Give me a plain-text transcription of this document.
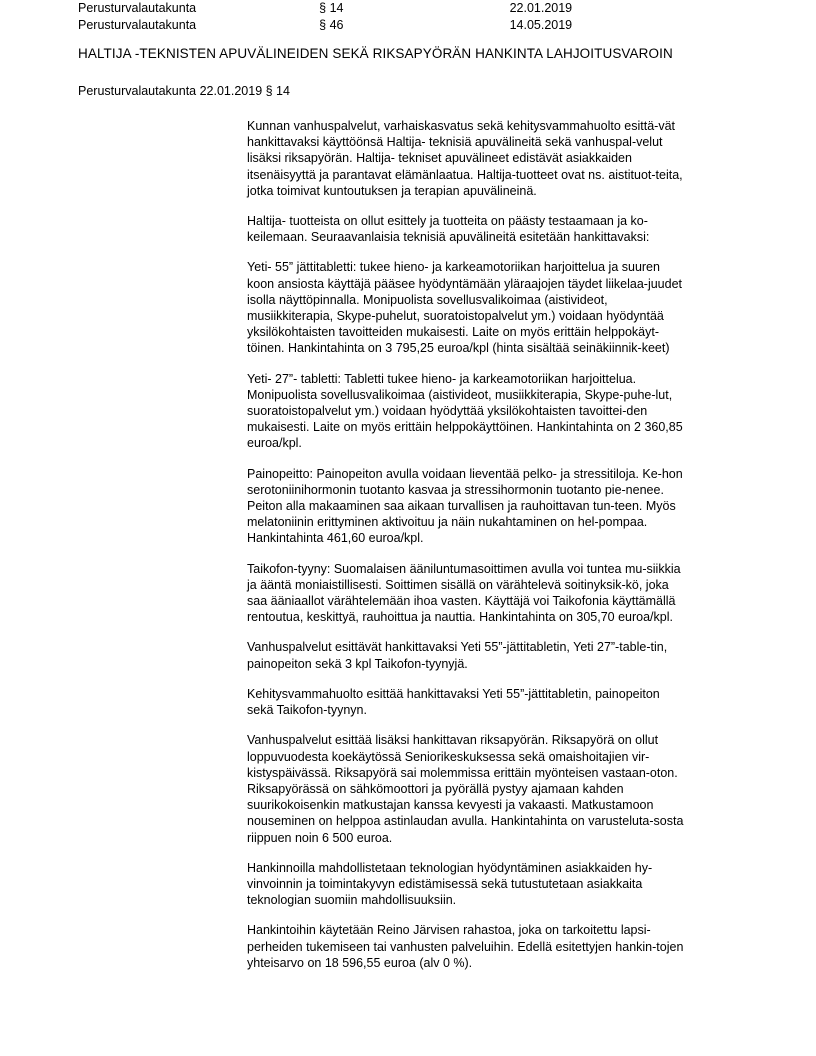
Perusturvalautakunta	§ 14	22.01.2019
Perusturvalautakunta	§ 46	14.05.2019
HALTIJA -TEKNISTEN APUVÄLINEIDEN SEKÄ RIKSAPYÖRÄN HANKINTA LAHJOITUSVAROIN
Perusturvalautakunta 22.01.2019 § 14

Kunnan vanhuspalvelut, varhaiskasvatus sekä kehitysvammahuolto esittä-vät hankittavaksi käyttöönsä Haltija- teknisiä apuvälineitä sekä vanhuspal-velut lisäksi riksapyörän. Haltija- tekniset apuvälineet edistävät asiakkaiden itsenäisyyttä ja parantavat elämänlaatua. Haltija-tuotteet ovat ns. aistituot-teita, jotka toimivat kuntoutuksen ja terapian apuvälineinä.

Haltija- tuotteista on ollut esittely ja tuotteita on päästy testaamaan ja ko-keilemaan. Seuraavanlaisia teknisiä apuvälineitä esitetään hankittavaksi:

Yeti- 55” jättitabletti: tukee hieno- ja karkeamotoriikan harjoittelua ja suuren koon ansiosta käyttäjä pääsee hyödyntämään yläraajojen täydet liikelaa-juudet isolla näyttöpinnalla. Monipuolista sovellusvalikoimaa (aistivideot, musiikkiterapia, Skype-puhelut, suoratoistopalvelut ym.) voidaan hyödyntää yksilökohtaisten tavoitteiden mukaisesti. Laite on myös erittäin helppokäyt-töinen. Hankintahinta on 3 795,25 euroa/kpl (hinta sisältää seinäkiinnik-keet)

Yeti- 27”- tabletti: Tabletti tukee hieno- ja karkeamotoriikan harjoittelua. Monipuolista sovellusvalikoimaa (aistivideot, musiikkiterapia, Skype-puhe-lut, suoratoistopalvelut ym.) voidaan hyödyttää yksilökohtaisten tavoittei-den mukaisesti. Laite on myös erittäin helppokäyttöinen. Hankintahinta on 2 360,85 euroa/kpl.

Painopeitto: Painopeiton avulla voidaan lieventää pelko- ja stressitiloja. Ke-hon serotoniinihormonin tuotanto kasvaa ja stressihormonin tuotanto pie-nenee. Peiton alla makaaminen saa aikaan turvallisen ja rauhoittavan tun-teen. Myös melatoniinin erittyminen aktivoituu ja näin nukahtaminen on hel-pompaa. Hankintahinta 461,60 euroa/kpl.

Taikofon-tyyny: Suomalaisen ääniluntumasoittimen avulla voi tuntea mu-siikkia ja ääntä moniaistillisesti. Soittimen sisällä on värähtelevä soitinyksik-kö, joka saa ääniaallot värähtelemään ihoa vasten. Käyttäjä voi Taikofonia käyttämällä rentoutua, keskittyä, rauhoittua ja nauttia. Hankintahinta on 305,70 euroa/kpl.

Vanhuspalvelut esittävät hankittavaksi Yeti 55”-jättitabletin, Yeti 27”-table-tin, painopeiton sekä 3 kpl Taikofon-tyynyjä.

Kehitysvammahuolto esittää hankittavaksi Yeti 55”-jättitabletin, painopeiton sekä Taikofon-tyynyn.

Vanhuspalvelut esittää lisäksi hankittavan riksapyörän. Riksapyörä on ollut loppuvuodesta koekäytössä Seniorikeskuksessa sekä omaishoitajien vir-kistyspäivässä. Riksapyörä sai molemmissa erittäin myönteisen vastaan-oton. Riksapyörässä on sähkömoottori ja pyörällä pystyy ajamaan kahden suurikokoisenkin matkustajan kanssa kevyesti ja vakaasti. Matkustamoon nouseminen on helppoa astinlaudan avulla. Hankintahinta on varusteluta-sosta riippuen noin 6 500 euroa.

Hankinnoilla mahdollistetaan teknologian hyödyntäminen asiakkaiden hy-vinvoinnin ja toimintakyvyn edistämisessä sekä tutustutetaan asiakkaita teknologian suomiin mahdollisuuksiin.

Hankintoihin käytetään Reino Järvisen rahastoa, joka on tarkoitettu lapsi-perheiden tukemiseen tai vanhusten palveluihin. Edellä esitettyjen hankin-tojen yhteisarvo on 18 596,55 euroa (alv 0 %).
